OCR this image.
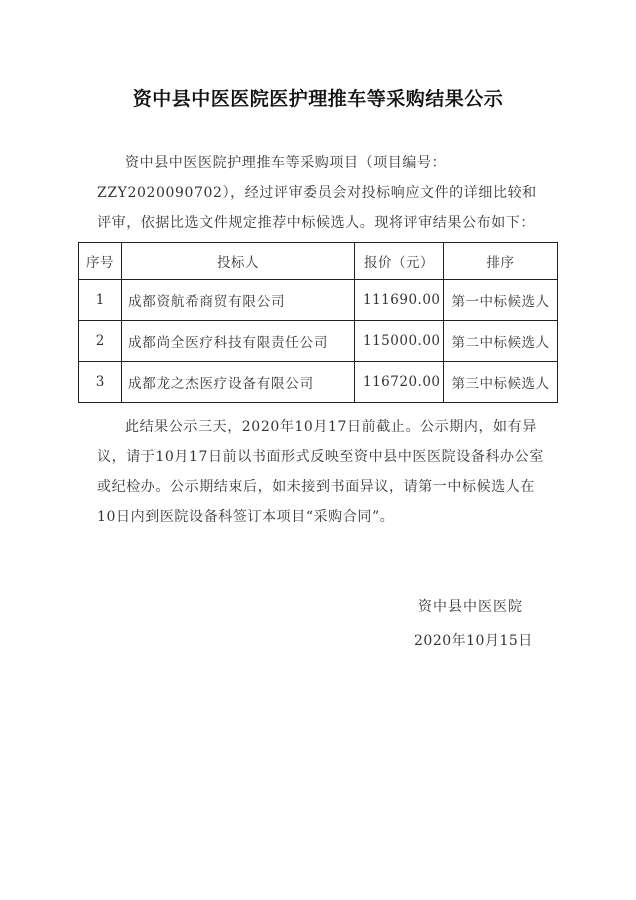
资中县中医医院医护理推车等采购结果公示

资中县中医医院护理推车等采购项目（项目编号：ZZY2020090702），经过评审委员会对投标响应文件的详细比较和评审，依据比选文件规定推荐中标候选人。现将评审结果公布如下：

序号	投标人	报价（元）	排序
1	成都资航希商贸有限公司	111690.00	第一中标候选人
2	成都尚全医疗科技有限责任公司	115000.00	第二中标候选人
3	成都龙之杰医疗设备有限公司	116720.00	第三中标候选人

此结果公示三天，2020年10月17日前截止。公示期内，如有异议，请于10月17日前以书面形式反映至资中县中医医院设备科办公室或纪检办。公示期结束后，如未接到书面异议，请第一中标候选人在10日内到医院设备科签订本项目“采购合同”。

资中县中医医院
2020年10月15日
